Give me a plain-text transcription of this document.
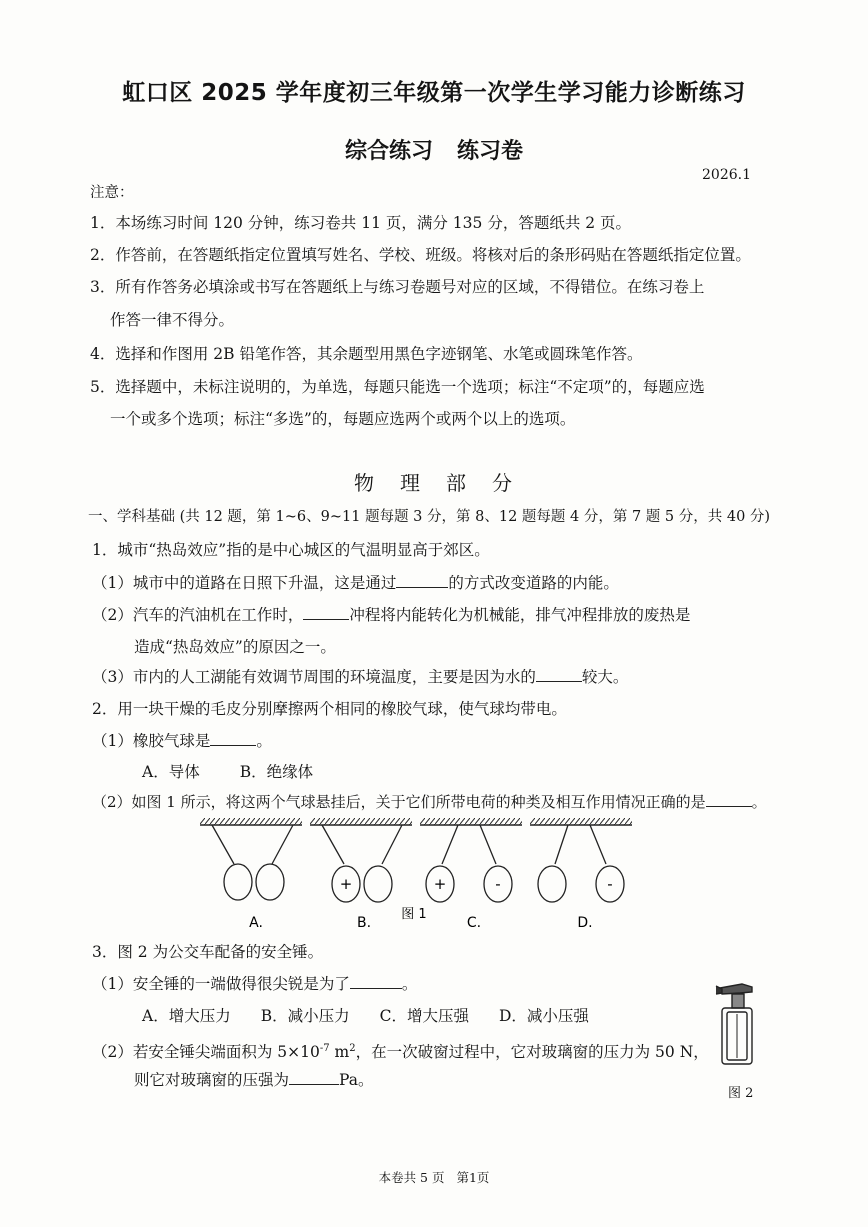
虹口区 2025 学年度初三年级第一次学生学习能力诊断练习
综合练习 练习卷
2026.1
注意：
1．本场练习时间 120 分钟，练习卷共 11 页，满分 135 分，答题纸共 2 页。
2．作答前，在答题纸指定位置填写姓名、学校、班级。将核对后的条形码贴在答题纸指定位置。
3．所有作答务必填涂或书写在答题纸上与练习卷题号对应的区域，不得错位。在练习卷上
作答一律不得分。
4．选择和作图用 2B 铅笔作答，其余题型用黑色字迹钢笔、水笔或圆珠笔作答。
5．选择题中，未标注说明的，为单选，每题只能选一个选项；标注“不定项”的，每题应选
一个或多个选项；标注“多选”的，每题应选两个或两个以上的选项。
物理部分
一、学科基础 (共 12 题，第 1~6、9~11 题每题 3 分，第 8、12 题每题 4 分，第 7 题 5 分，共 40 分)
1．城市“热岛效应”指的是中心城区的气温明显高于郊区。
（1）城市中的道路在日照下升温，这是通过	的方式改变道路的内能。
（2）汽车的汽油机在工作时，	冲程将内能转化为机械能，排气冲程排放的废热是
造成“热岛效应”的原因之一。
（3）市内的人工湖能有效调节周围的环境温度，主要是因为水的	较大。
2．用一块干燥的毛皮分别摩擦两个相同的橡胶气球，使气球均带电。
（1）橡胶气球是	。
A．导体	B．绝缘体
（2）如图 1 所示，将这两个气球悬挂后，关于它们所带电荷的种类及相互作用情况正确的是	。
+	+	-	-
A.	B.
图 1
C.	D.
3．图 2 为公交车配备的安全锤。
（1）安全锤的一端做得很尖锐是为了	。
A．增大压力 B．减小压力 C．增大压强 D．减小压强
（2）若安全锤尖端面积为 $5\times 10^{-7}$ $m^2$，在一次破窗过程中，它对玻璃窗的压力为 50 N，
则它对玻璃窗的压强为	Pa。
图 2
本卷共 5 页 第1页
